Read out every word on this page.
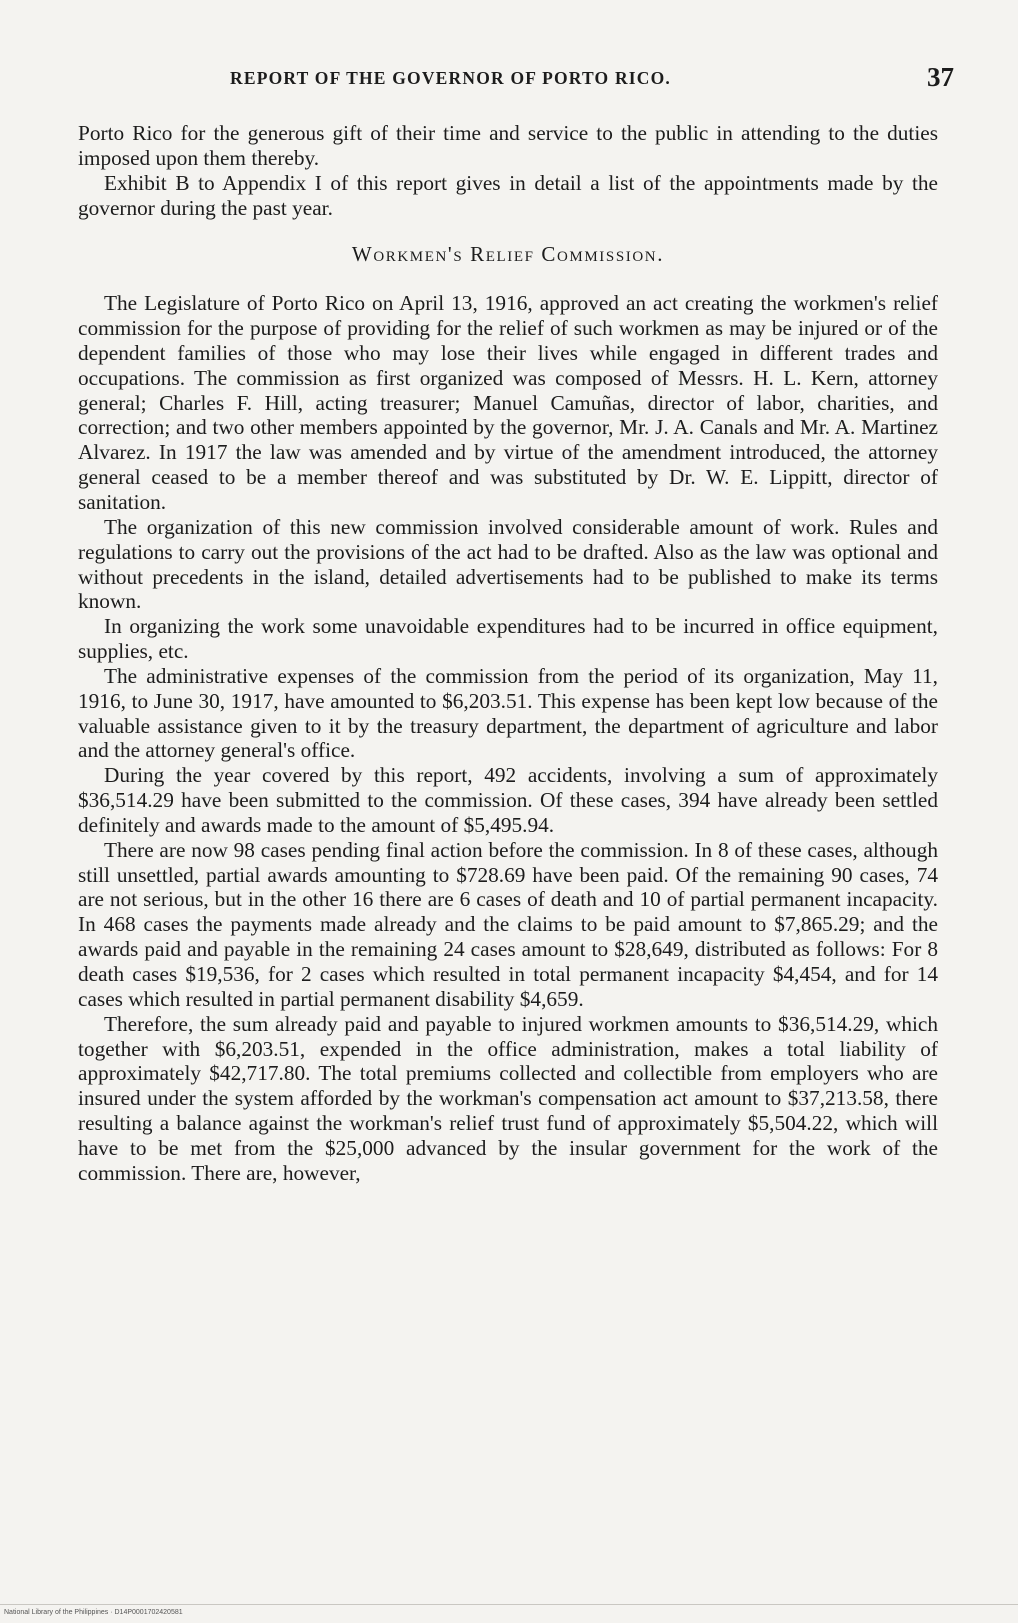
REPORT OF THE GOVERNOR OF PORTO RICO.	37

Porto Rico for the generous gift of their time and service to the public in attending to the duties imposed upon them thereby.

Exhibit B to Appendix I of this report gives in detail a list of the appointments made by the governor during the past year.

Workmen's Relief Commission.

The Legislature of Porto Rico on April 13, 1916, approved an act creating the workmen's relief commission for the purpose of providing for the relief of such workmen as may be injured or of the dependent families of those who may lose their lives while engaged in different trades and occupations. The commission as first organized was composed of Messrs. H. L. Kern, attorney general; Charles F. Hill, acting treasurer; Manuel Camuñas, director of labor, charities, and correction; and two other members appointed by the governor, Mr. J. A. Canals and Mr. A. Martinez Alvarez. In 1917 the law was amended and by virtue of the amendment introduced, the attorney general ceased to be a member thereof and was substituted by Dr. W. E. Lippitt, director of sanitation.

The organization of this new commission involved considerable amount of work. Rules and regulations to carry out the provisions of the act had to be drafted. Also as the law was optional and without precedents in the island, detailed advertisements had to be published to make its terms known.

In organizing the work some unavoidable expenditures had to be incurred in office equipment, supplies, etc.

The administrative expenses of the commission from the period of its organization, May 11, 1916, to June 30, 1917, have amounted to $6,203.51. This expense has been kept low because of the valuable assistance given to it by the treasury department, the department of agriculture and labor and the attorney general's office.

During the year covered by this report, 492 accidents, involving a sum of approximately $36,514.29 have been submitted to the commission. Of these cases, 394 have already been settled definitely and awards made to the amount of $5,495.94.

There are now 98 cases pending final action before the commission. In 8 of these cases, although still unsettled, partial awards amounting to $728.69 have been paid. Of the remaining 90 cases, 74 are not serious, but in the other 16 there are 6 cases of death and 10 of partial permanent incapacity. In 468 cases the payments made already and the claims to be paid amount to $7,865.29; and the awards paid and payable in the remaining 24 cases amount to $28,649, distributed as follows: For 8 death cases $19,536, for 2 cases which resulted in total permanent incapacity $4,454, and for 14 cases which resulted in partial permanent disability $4,659.

Therefore, the sum already paid and payable to injured workmen amounts to $36,514.29, which together with $6,203.51, expended in the office administration, makes a total liability of approximately $42,717.80. The total premiums collected and collectible from employers who are insured under the system afforded by the workman's compensation act amount to $37,213.58, there resulting a balance against the workman's relief trust fund of approximately $5,504.22, which will have to be met from the $25,000 advanced by the insular government for the work of the commission. There are, however,

National Library of the Philippines · D14P0001702420581
